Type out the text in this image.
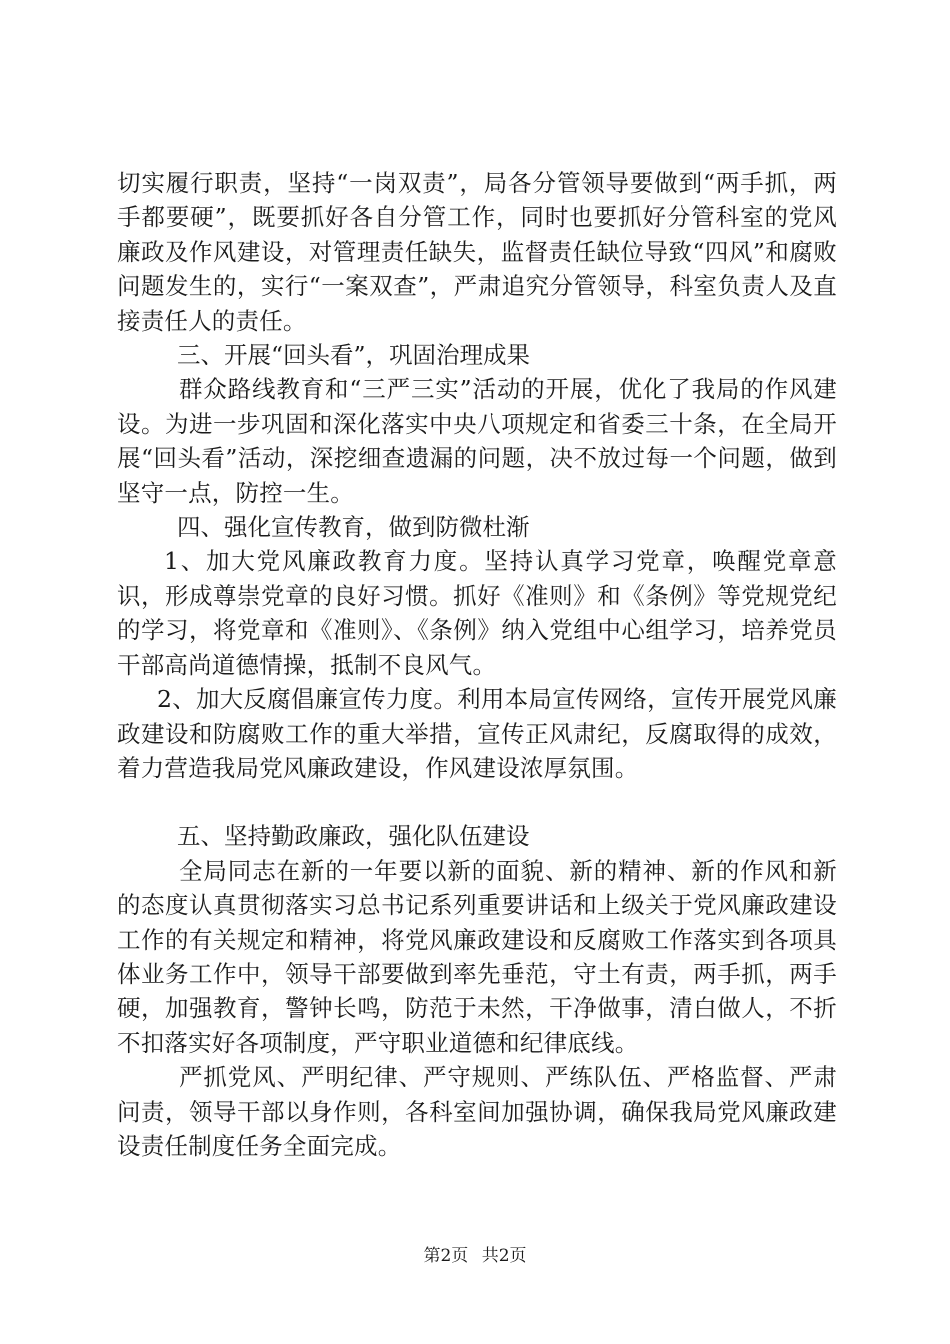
切实履行职责，坚持“一岗双责”，局各分管领导要做到“两手抓，两手都要硬”，既要抓好各自分管工作，同时也要抓好分管科室的党风廉政及作风建设，对管理责任缺失，监督责任缺位导致“四风”和腐败问题发生的，实行“一案双查”，严肃追究分管领导，科室负责人及直接责任人的责任。

三、开展“回头看”，巩固治理成果

群众路线教育和“三严三实”活动的开展，优化了我局的作风建设。为进一步巩固和深化落实中央八项规定和省委三十条，在全局开展“回头看”活动，深挖细查遗漏的问题，决不放过每一个问题，做到坚守一点，防控一生。

四、强化宣传教育，做到防微杜渐

1、加大党风廉政教育力度。坚持认真学习党章，唤醒党章意识，形成尊崇党章的良好习惯。抓好《准则》和《条例》等党规党纪的学习，将党章和《准则》、《条例》纳入党组中心组学习，培养党员干部高尚道德情操，抵制不良风气。

2、加大反腐倡廉宣传力度。利用本局宣传网络，宣传开展党风廉政建设和防腐败工作的重大举措，宣传正风肃纪，反腐取得的成效，着力营造我局党风廉政建设，作风建设浓厚氛围。

五、坚持勤政廉政，强化队伍建设

全局同志在新的一年要以新的面貌、新的精神、新的作风和新的态度认真贯彻落实习总书记系列重要讲话和上级关于党风廉政建设工作的有关规定和精神，将党风廉政建设和反腐败工作落实到各项具体业务工作中，领导干部要做到率先垂范，守土有责，两手抓，两手硬，加强教育，警钟长鸣，防范于未然，干净做事，清白做人，不折不扣落实好各项制度，严守职业道德和纪律底线。

严抓党风、严明纪律、严守规则、严练队伍、严格监督、严肃问责，领导干部以身作则，各科室间加强协调，确保我局党风廉政建设责任制度任务全面完成。

第2页 共2页
